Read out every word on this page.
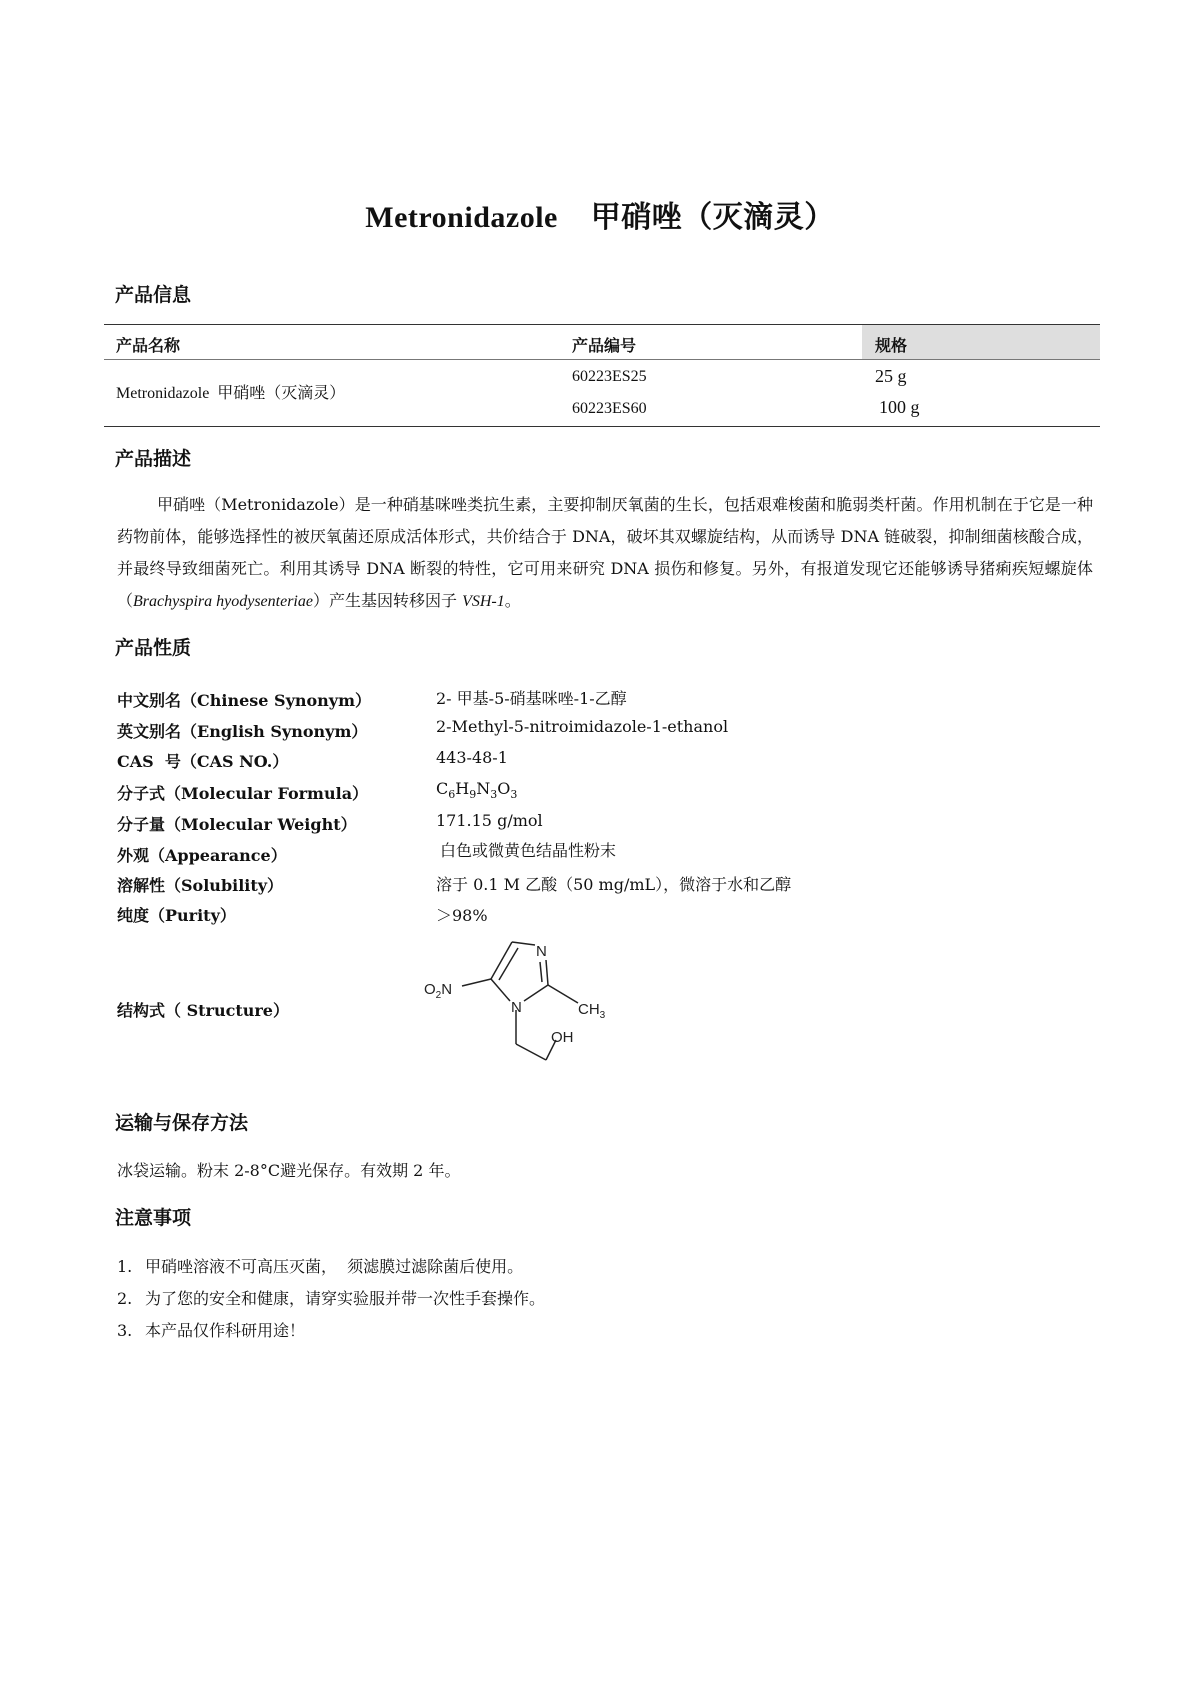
Metronidazole 甲硝唑（灭滴灵）
产品信息
产品名称	产品编号	规格
Metronidazole  甲硝唑（灭滴灵）
60223ES25	25 g
60223ES60	100 g
产品描述
甲硝唑（Metronidazole）是一种硝基咪唑类抗生素，主要抑制厌氧菌的生长，包括艰难梭菌和脆弱类杆菌。作用机制在于它是一种药物前体，能够选择性的被厌氧菌还原成活体形式，共价结合于 DNA，破坏其双螺旋结构，从而诱导 DNA 链破裂，抑制细菌核酸合成，并最终导致细菌死亡。利用其诱导 DNA 断裂的特性，它可用来研究 DNA 损伤和修复。另外，有报道发现它还能够诱导猪痢疾短螺旋体（Brachyspira hyodysenteriae）产生基因转移因子 VSH-1。
产品性质
中文别名（Chinese Synonym）	2- 甲基-5-硝基咪唑-1-乙醇
英文别名（English Synonym）	2-Methyl-5-nitroimidazole-1-ethanol
CAS  号（CAS NO.）	443-48-1
分子式（Molecular Formula）	$C_6H_9N_3O_3$
分子量（Molecular Weight）	171.15 g/mol
外观（Appearance）	白色或微黄色结晶性粉末
溶解性（Solubility）	溶于 0.1 M 乙酸（50 mg/mL），微溶于水和乙醇
纯度（Purity）	＞98%
结构式（ Structure）
$O_2N$
N
N	$CH_3$
OH
运输与保存方法
冰袋运输。粉末 2-8°C避光保存。有效期 2 年。
注意事项
1. 甲硝唑溶液不可高压灭菌，  须滤膜过滤除菌后使用。
2. 为了您的安全和健康，请穿实验服并带一次性手套操作。
3. 本产品仅作科研用途！
